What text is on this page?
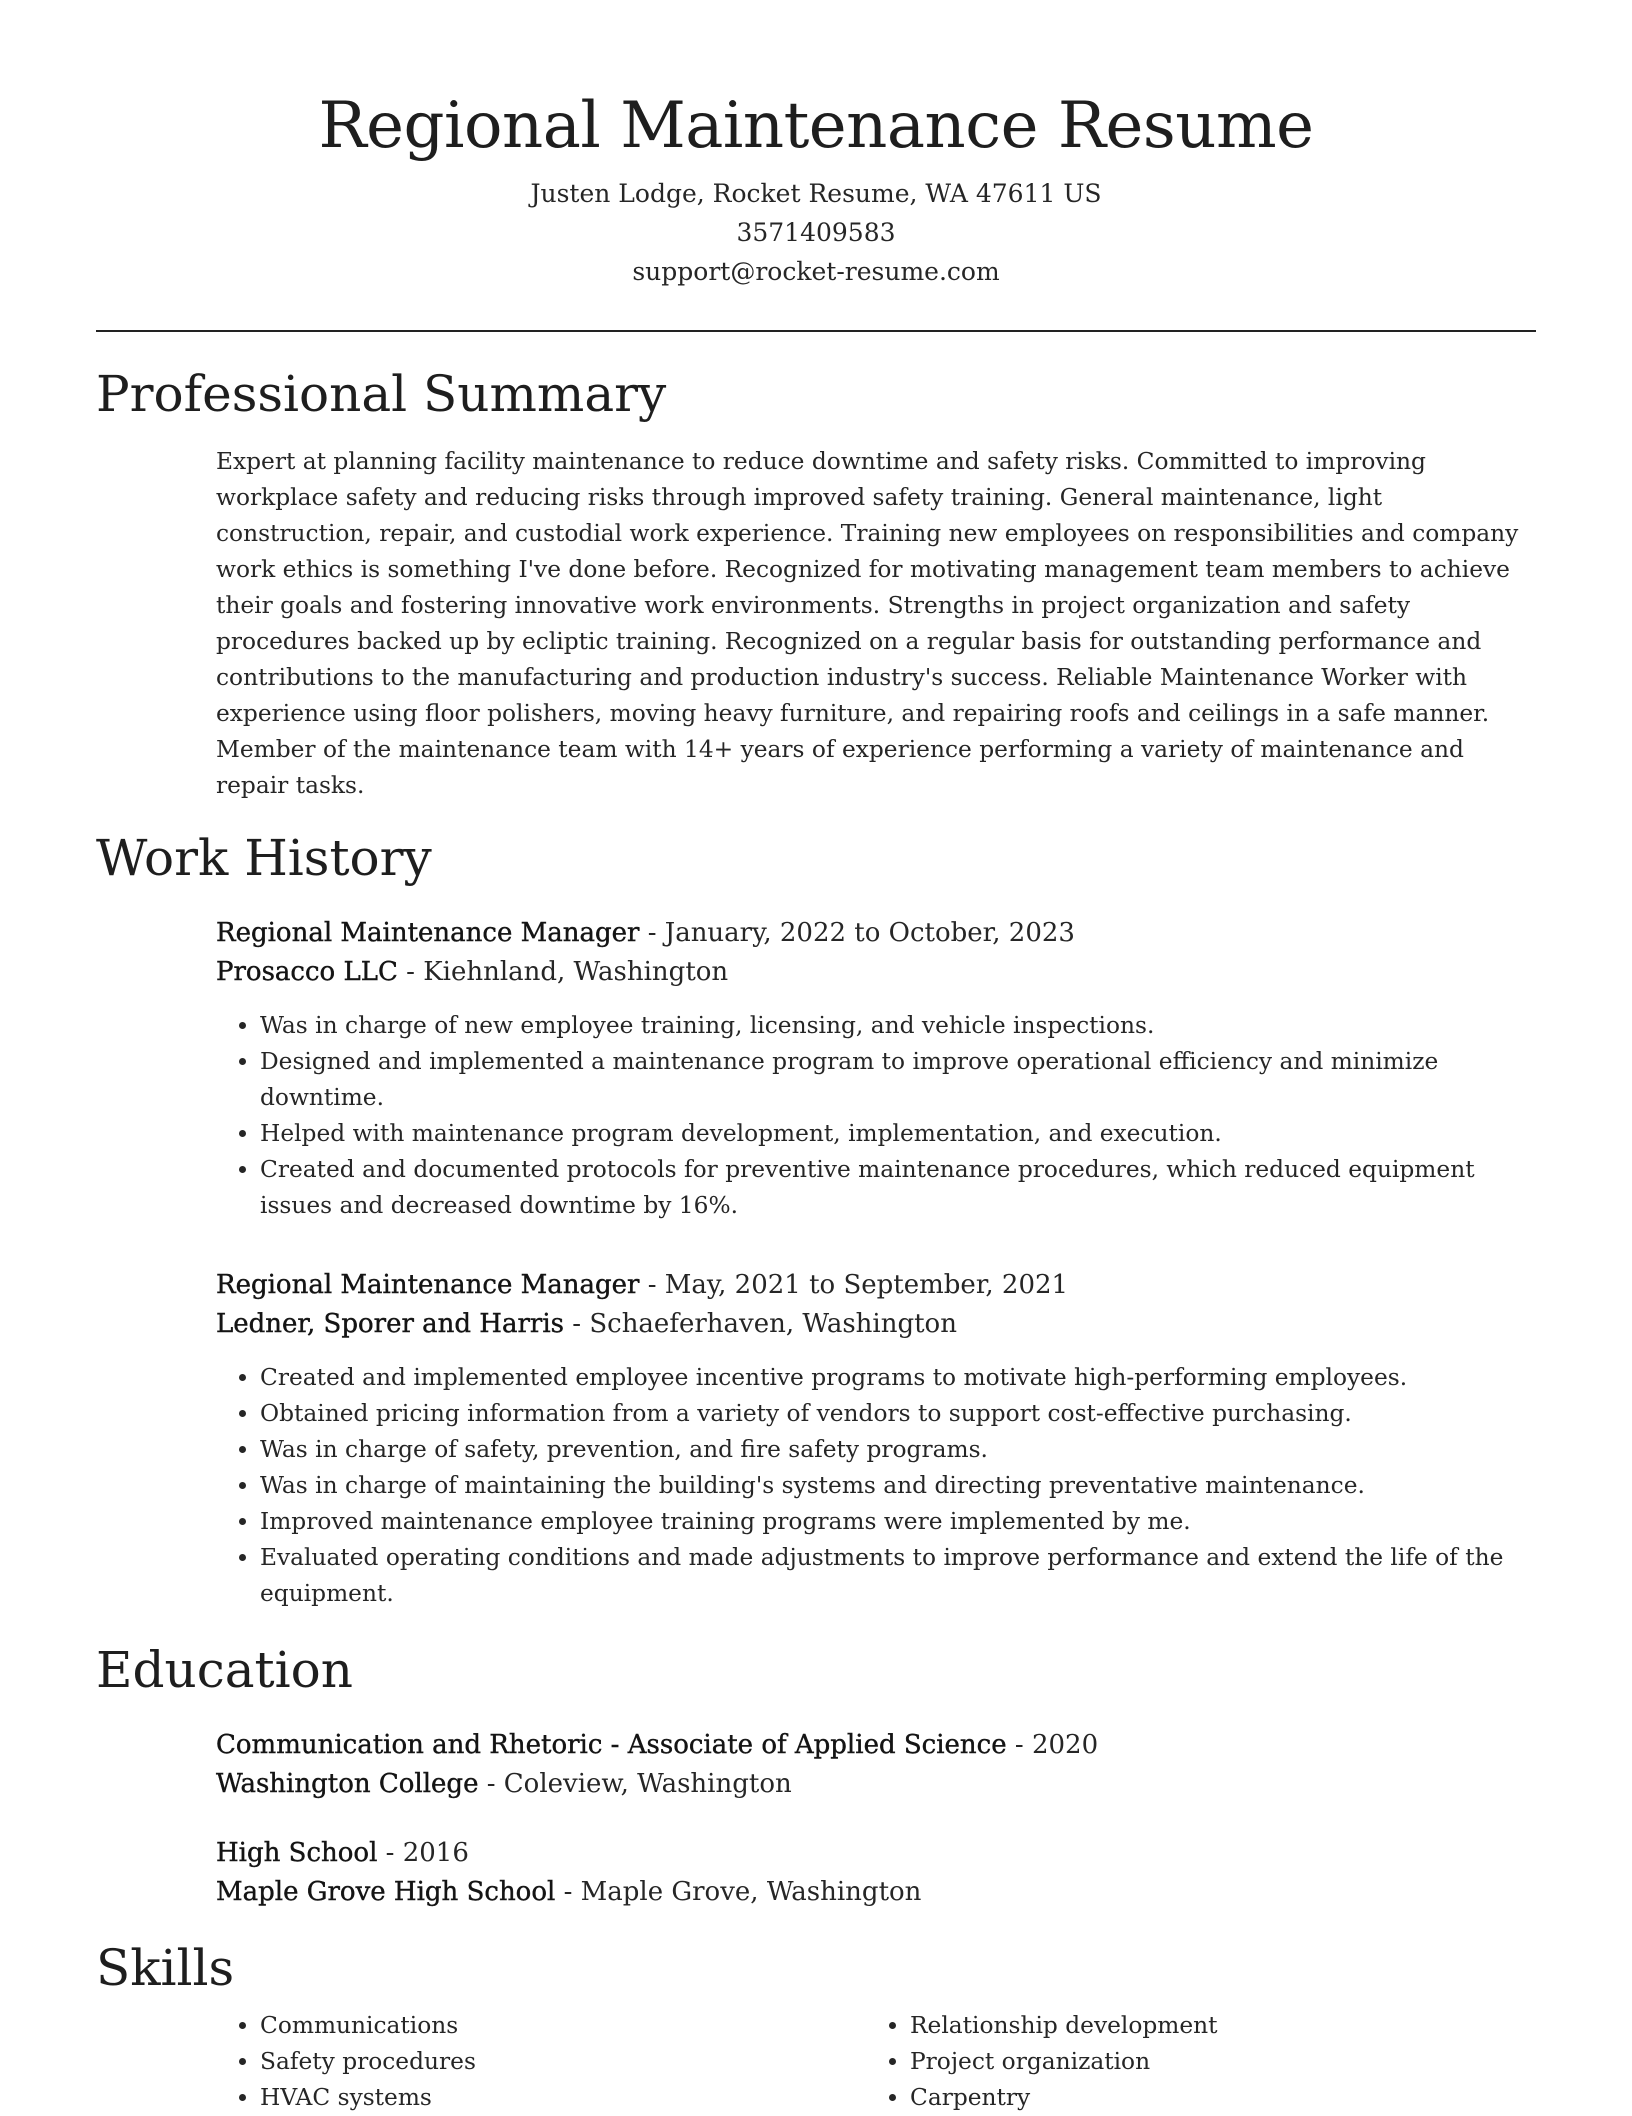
Regional Maintenance Resume
Justen Lodge, Rocket Resume, WA 47611 US
3571409583
support@rocket-resume.com
Professional Summary

Expert at planning facility maintenance to reduce downtime and safety risks. Committed to improving workplace safety and reducing risks through improved safety training. General maintenance, light construction, repair, and custodial work experience. Training new employees on responsibilities and company work ethics is something I've done before. Recognized for motivating management team members to achieve their goals and fostering innovative work environments. Strengths in project organization and safety procedures backed up by ecliptic training. Recognized on a regular basis for outstanding performance and contributions to the manufacturing and production industry's success. Reliable Maintenance Worker with experience using floor polishers, moving heavy furniture, and repairing roofs and ceilings in a safe manner. Member of the maintenance team with 14+ years of experience performing a variety of maintenance and repair tasks.

Work History
Regional Maintenance Manager - January, 2022 to October, 2023
Prosacco LLC - Kiehnland, Washington
• Was in charge of new employee training, licensing, and vehicle inspections.
• Designed and implemented a maintenance program to improve operational efficiency and minimize downtime.
• Helped with maintenance program development, implementation, and execution.
• Created and documented protocols for preventive maintenance procedures, which reduced equipment issues and decreased downtime by 16%.
Regional Maintenance Manager - May, 2021 to September, 2021
Ledner, Sporer and Harris - Schaeferhaven, Washington
• Created and implemented employee incentive programs to motivate high-performing employees.
• Obtained pricing information from a variety of vendors to support cost-effective purchasing.
• Was in charge of safety, prevention, and fire safety programs.
• Was in charge of maintaining the building's systems and directing preventative maintenance.
• Improved maintenance employee training programs were implemented by me.
• Evaluated operating conditions and made adjustments to improve performance and extend the life of the equipment.
Education
Communication and Rhetoric - Associate of Applied Science - 2020
Washington College - Coleview, Washington
High School - 2016
Maple Grove High School - Maple Grove, Washington
Skills
• Communications
• Safety procedures
• HVAC systems
• Relationship development
• Project organization
• Carpentry
